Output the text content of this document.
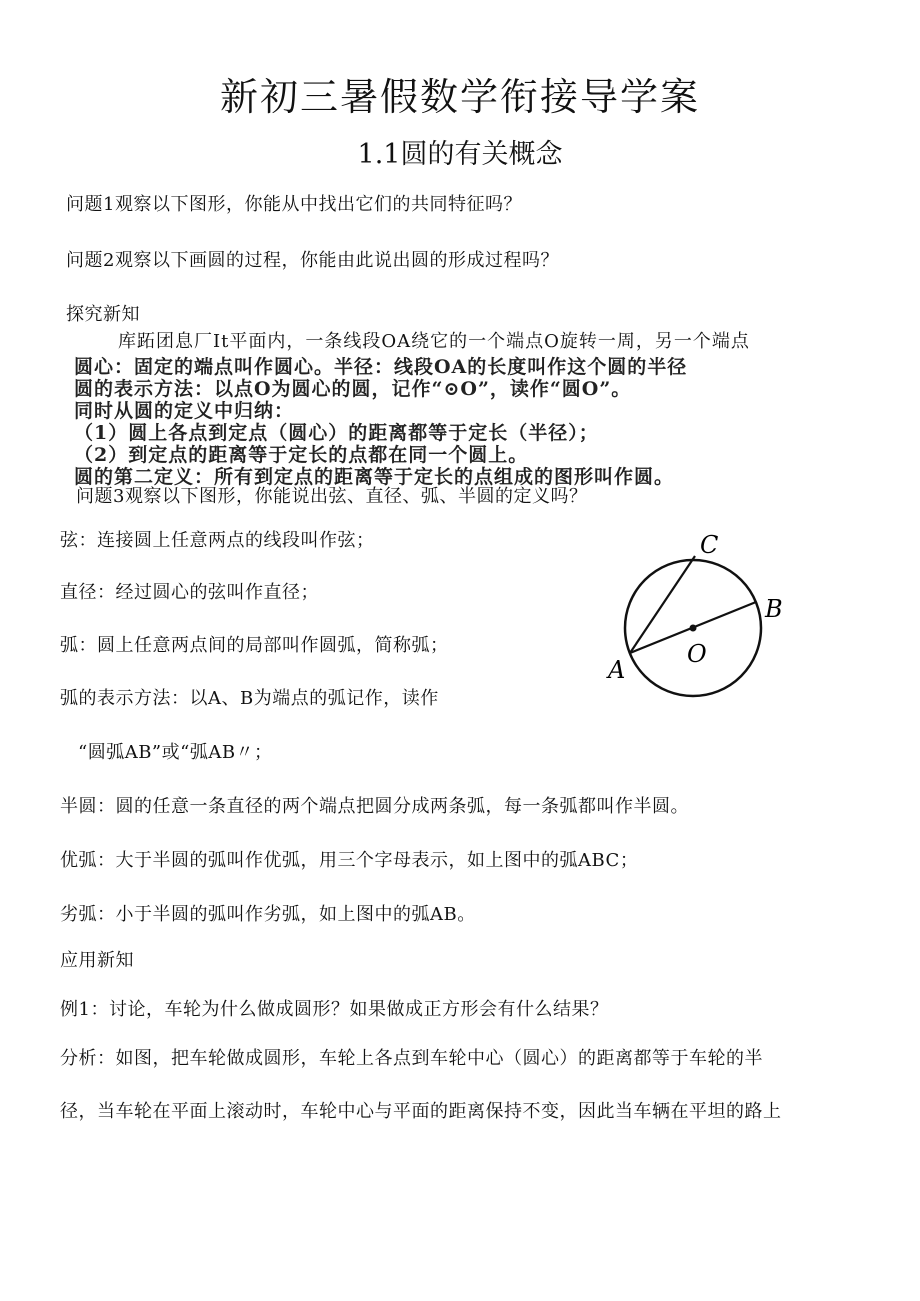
新初三暑假数学衔接导学案
1.1圆的有关概念
问题1观察以下图形，你能从中找出它们的共同特征吗？
问题2观察以下画圆的过程，你能由此说出圆的形成过程吗？
探究新知
库跖团息厂It平面内，一条线段OA绕它的一个端点O旋转一周，另一个端点
圆心：固定的端点叫作圆心。半径：线段OA的长度叫作这个圆的半径
圆的表示方法：以点O为圆心的圆，记作“⊙O”，读作“圆O”。
同时从圆的定义中归纳：
（1）圆上各点到定点（圆心）的距离都等于定长（半径）；
（2）到定点的距离等于定长的点都在同一个圆上。
圆的第二定义：所有到定点的距离等于定长的点组成的图形叫作圆。
问题3观察以下图形，你能说出弦、直径、弧、半圆的定义吗？
弦：连接圆上任意两点的线段叫作弦；
直径：经过圆心的弦叫作直径；
弧：圆上任意两点间的局部叫作圆弧，简称弧；
弧的表示方法：以A、B为端点的弧记作，读作
“圆弧AB”或“弧AB〃；
半圆：圆的任意一条直径的两个端点把圆分成两条弧，每一条弧都叫作半圆。
优弧：大于半圆的弧叫作优弧，用三个字母表示，如上图中的弧ABC；
劣弧：小于半圆的弧叫作劣弧，如上图中的弧AB。
应用新知
例1：讨论，车轮为什么做成圆形？如果做成正方形会有什么结果？
分析：如图，把车轮做成圆形，车轮上各点到车轮中心（圆心）的距离都等于车轮的半
径，当车轮在平面上滚动时，车轮中心与平面的距离保持不变，因此当车辆在平坦的路上
C
B
A
O
